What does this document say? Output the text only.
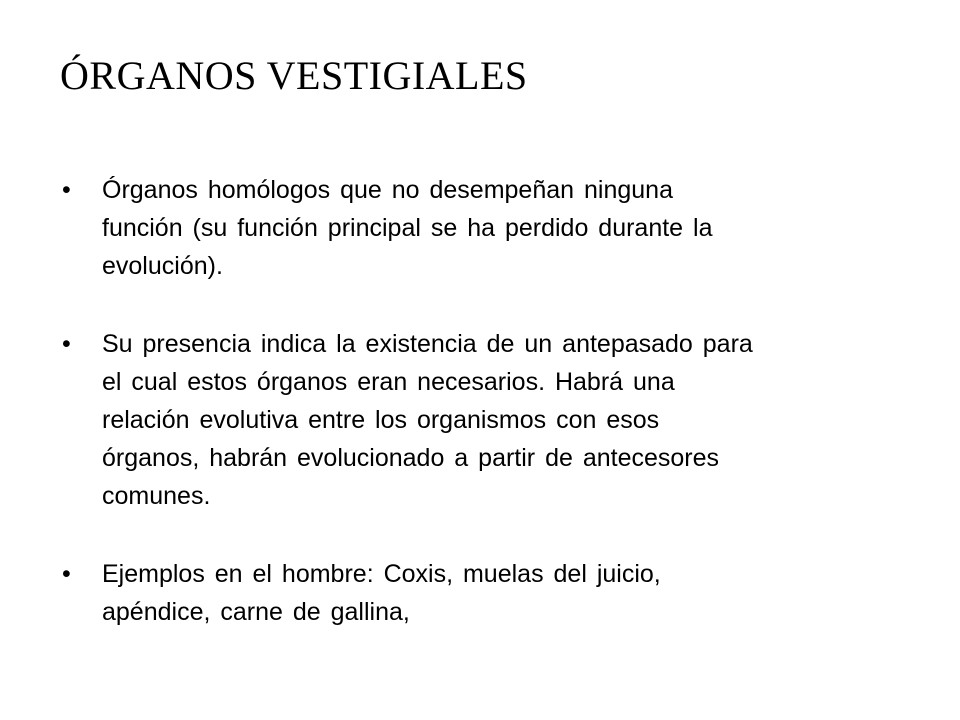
ÓRGANOS VESTIGIALES
• Órganos homólogos que no desempeñan ninguna
función (su función principal se ha perdido durante la
evolución).
• Su presencia indica la existencia de un antepasado para
el cual estos órganos eran necesarios. Habrá una
relación evolutiva entre los organismos con esos
órganos, habrán evolucionado a partir de antecesores
comunes.
• Ejemplos en el hombre: Coxis, muelas del juicio,
apéndice, carne de gallina,
